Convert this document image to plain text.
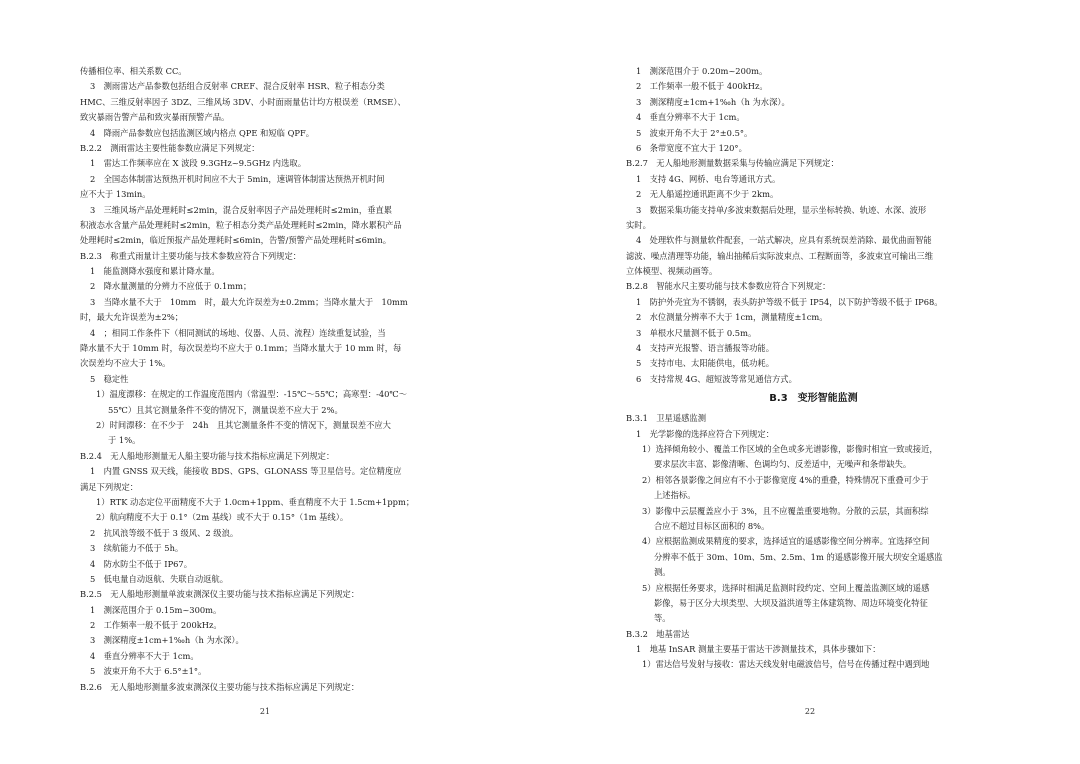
传播相位率、相关系数 CC。
3　测雨雷达产品参数包括组合反射率 CREF、混合反射率 HSR、粒子相态分类
HMC、三维反射率因子 3DZ、三维风场 3DV、小时面雨量估计均方根误差（RMSE）、
致灾暴雨告警产品和致灾暴雨预警产品。
4　降雨产品参数应包括监测区域内格点 QPE 和短临 QPF。
B.2.2　测雨雷达主要性能参数应满足下列规定：
1　雷达工作频率应在 X 波段 9.3GHz~9.5GHz 内选取。
2　全国态体制雷达预热开机时间应不大于 5min，速调管体制雷达预热开机时间
应不大于 13min。
3　三维风场产品处理耗时≤2min，混合反射率因子产品处理耗时≤2min，垂直累
积液态水含量产品处理耗时≤2min，粒子相态分类产品处理耗时≤2min，降水累积产品
处理耗时≤2min，临近预报产品处理耗时≤6min，告警/预警产品处理耗时≤6min。
B.2.3　称重式雨量计主要功能与技术参数应符合下列规定：
1　能监测降水强度和累计降水量。
2　降水量测量的分辨力不应低于 0.1mm；
3　当降水量不大于　10mm　时，最大允许误差为±0.2mm；当降水量大于　10mm
时，最大允许误差为±2%；
4　；相同工作条件下（相同测试的场地、仪器、人员、流程）连续重复试验，当
降水量不大于 10mm 时，每次误差均不应大于 0.1mm；当降水量大于 10 mm 时，每
次误差均不应大于 1%。
5　稳定性
1）温度漂移：在规定的工作温度范围内（常温型：-15℃～55℃；高寒型：-40℃～
55℃）且其它测量条件不变的情况下，测量误差不应大于 2%。
2）时间漂移：在不少于　24h　且其它测量条件不变的情况下，测量误差不应大
于 1%。
B.2.4　无人船地形测量无人船主要功能与技术指标应满足下列规定：
1　内置 GNSS 双天线，能接收 BDS、GPS、GLONASS 等卫星信号。定位精度应
满足下列规定：
1）RTK 动态定位平面精度不大于 1.0cm+1ppm、垂直精度不大于 1.5cm+1ppm；
2）航向精度不大于 0.1°（2m 基线）或不大于 0.15°（1m 基线）。
2　抗风浪等级不低于 3 级风、2 级浪。
3　续航能力不低于 5h。
4　防水防尘不低于 IP67。
5　低电量自动返航、失联自动返航。
B.2.5　无人船地形测量单波束测深仪主要功能与技术指标应满足下列规定：
1　测深范围介于 0.15m~300m。
2　工作频率一般不低于 200kHz。
3　测深精度±1cm+1‰h（h 为水深）。
4　垂直分辨率不大于 1cm。
5　波束开角不大于 6.5°±1°。
B.2.6　无人船地形测量多波束测深仪主要功能与技术指标应满足下列规定：
21
1　测深范围介于 0.20m~200m。
2　工作频率一般不低于 400kHz。
3　测深精度±1cm+1‰h（h 为水深）。
4　垂直分辨率不大于 1cm。
5　波束开角不大于 2°±0.5°。
6　条带宽度不宜大于 120°。
B.2.7　无人船地形测量数据采集与传输应满足下列规定：
1　支持 4G、网桥、电台等通讯方式。
2　无人船遥控通讯距离不少于 2km。
3　数据采集功能支持单/多波束数据后处理，显示坐标转换、轨迹、水深、波形
实时。
4　处理软件与测量软件配套，一站式解决，应具有系统误差消除、最优曲面智能
滤波、噪点清理等功能，输出抽稀后实际波束点、工程断面等，多波束宜可输出三维
立体模型、视频动画等。
B.2.8　智能水尺主要功能与技术参数应符合下列规定：
1　防护外壳宜为不锈钢，表头防护等级不低于 IP54，以下防护等级不低于 IP68。
2　水位测量分辨率不大于 1cm，测量精度±1cm。
3　单根水尺量测不低于 0.5m。
4　支持声光报警、语言播报等功能。
5　支持市电、太阳能供电，低功耗。
6　支持常规 4G、超短波等常见通信方式。
B.3　变形智能监测
B.3.1　卫星遥感监测
1　光学影像的选择应符合下列规定：
1）选择倾角较小、覆盖工作区域的全色或多光谱影像，影像时相宜一致或接近，
要求层次丰富、影像清晰、色调均匀、反差适中，无噪声和条带缺失。
2）相邻各景影像之间应有不小于影像宽度 4%的重叠，特殊情况下重叠可少于
上述指标。
3）影像中云层覆盖应小于 3%，且不应覆盖重要地物。分散的云层，其面积综
合应不超过目标区面积的 8%。
4）应根据监测成果精度的要求，选择适宜的遥感影像空间分辨率。宜选择空间
分辨率不低于 30m、10m、5m、2.5m、1m 的遥感影像开展大坝安全遥感监
测。
5）应根据任务要求，选择时相满足监测时段约定、空间上覆盖监测区域的遥感
影像，易于区分大坝类型、大坝及溢洪道等主体建筑物、周边环境变化特征
等。
B.3.2　地基雷达
1　地基 InSAR 测量主要基于雷达干涉测量技术，具体步骤如下：
1）雷达信号发射与接收：雷达天线发射电磁波信号，信号在传播过程中遇到地
22
